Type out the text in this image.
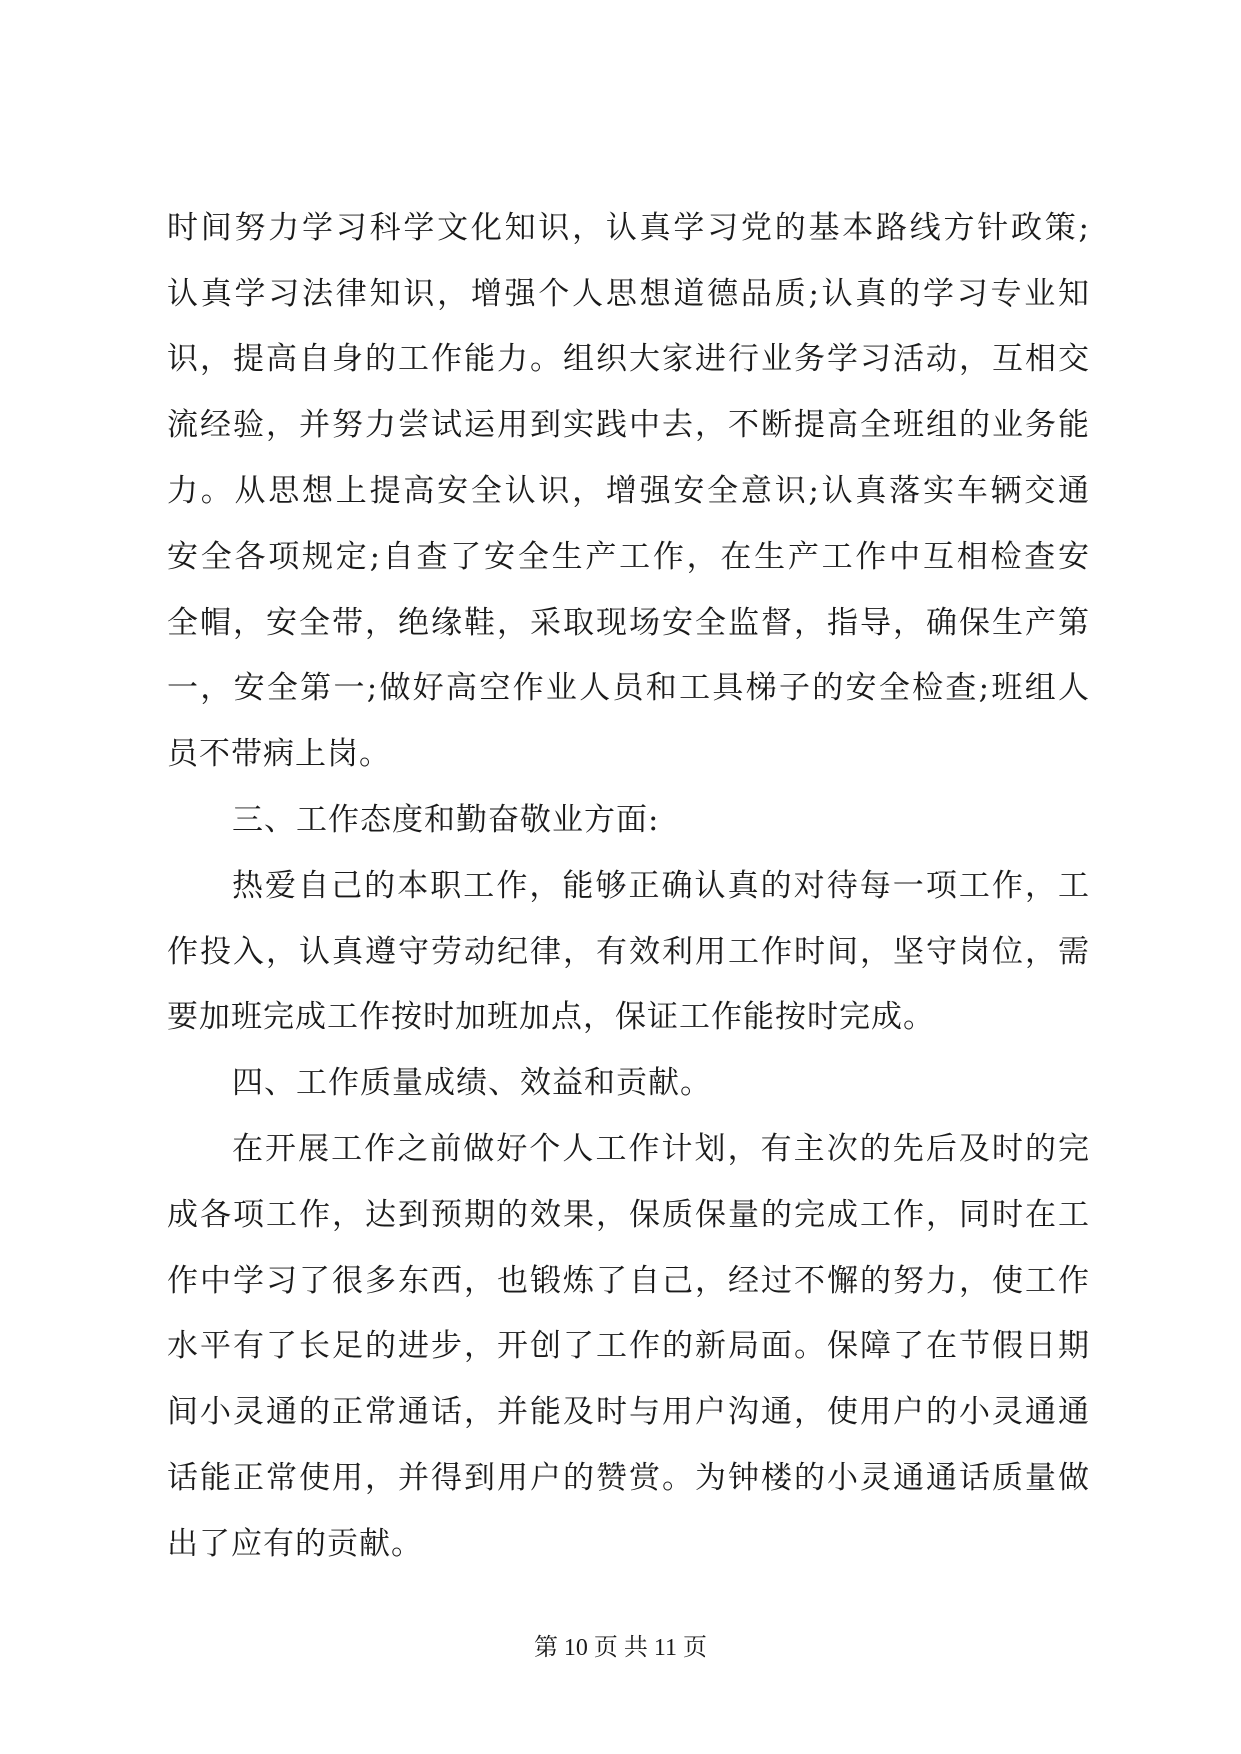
时间努力学习科学文化知识，认真学习党的基本路线方针政策;
认真学习法律知识，增强个人思想道德品质;认真的学习专业知
识，提高自身的工作能力。组织大家进行业务学习活动，互相交
流经验，并努力尝试运用到实践中去，不断提高全班组的业务能
力。从思想上提高安全认识，增强安全意识;认真落实车辆交通
安全各项规定;自查了安全生产工作，在生产工作中互相检查安
全帽，安全带，绝缘鞋，采取现场安全监督，指导，确保生产第
一，安全第一;做好高空作业人员和工具梯子的安全检查;班组人
员不带病上岗。
三、工作态度和勤奋敬业方面:
热爱自己的本职工作，能够正确认真的对待每一项工作，工
作投入，认真遵守劳动纪律，有效利用工作时间，坚守岗位，需
要加班完成工作按时加班加点，保证工作能按时完成。
四、工作质量成绩、效益和贡献。
在开展工作之前做好个人工作计划，有主次的先后及时的完
成各项工作，达到预期的效果，保质保量的完成工作，同时在工
作中学习了很多东西，也锻炼了自己，经过不懈的努力，使工作
水平有了长足的进步，开创了工作的新局面。保障了在节假日期
间小灵通的正常通话，并能及时与用户沟通，使用户的小灵通通
话能正常使用，并得到用户的赞赏。为钟楼的小灵通通话质量做
出了应有的贡献。
第 10 页 共 11 页
